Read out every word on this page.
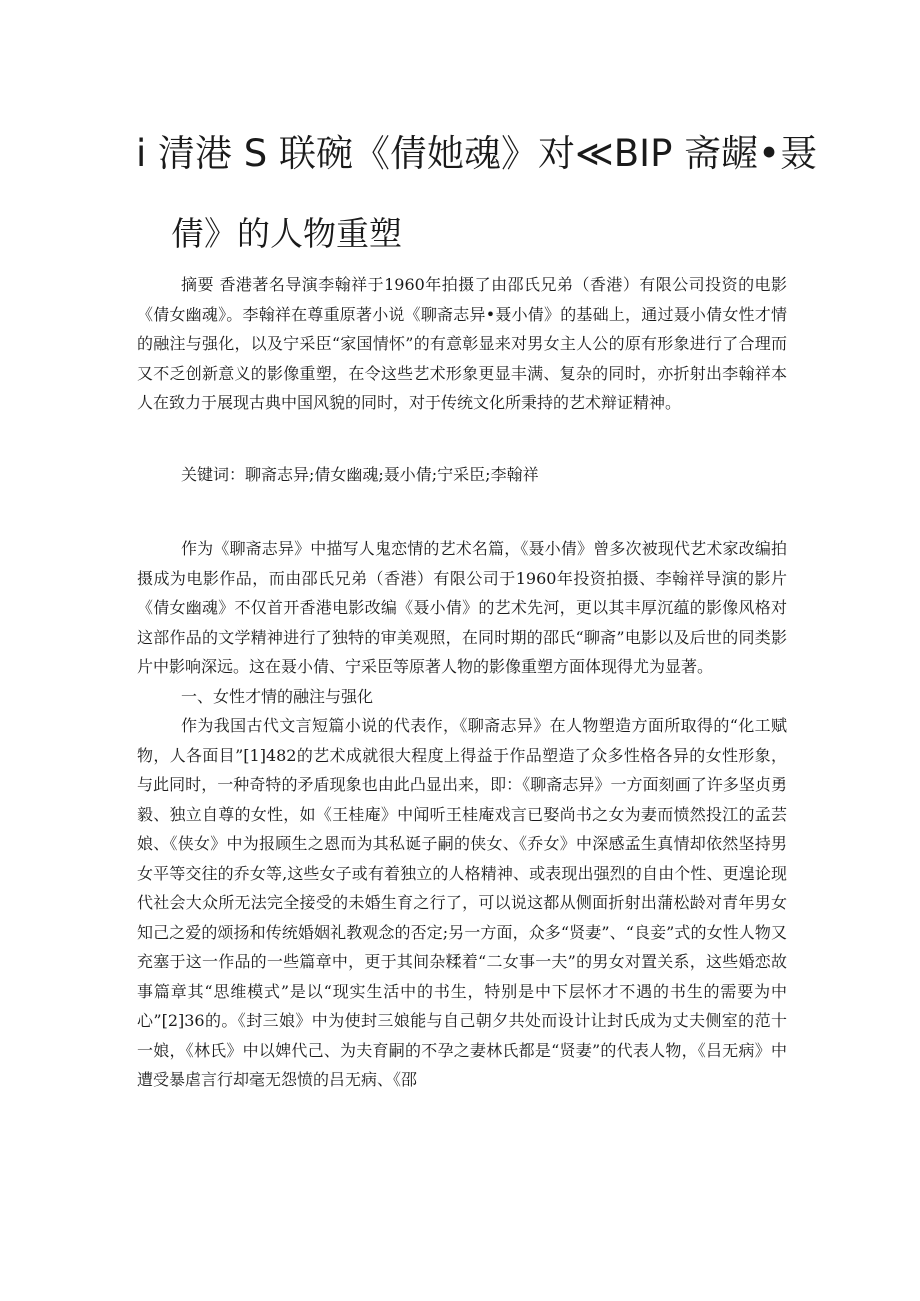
i 清港 S 联碗《倩她魂》对≪BIP 斋龌•聂
倩》的人物重塑

摘要 香港著名导演李翰祥于1960年拍摄了由邵氏兄弟（香港）有限公司投资的电影《倩女幽魂》。李翰祥在尊重原著小说《聊斋志异•聂小倩》的基础上，通过聂小倩女性才情的融注与强化，以及宁采臣“家国情怀”的有意彰显来对男女主人公的原有形象进行了合理而又不乏创新意义的影像重塑，在令这些艺术形象更显丰满、复杂的同时，亦折射出李翰祥本人在致力于展现古典中国风貌的同时，对于传统文化所秉持的艺术辩证精神。

关键词：聊斋志异;倩女幽魂;聂小倩;宁采臣;李翰祥

作为《聊斋志异》中描写人鬼恋情的艺术名篇，《聂小倩》曾多次被现代艺术家改编拍摄成为电影作品，而由邵氏兄弟（香港）有限公司于1960年投资拍摄、李翰祥导演的影片《倩女幽魂》不仅首开香港电影改编《聂小倩》的艺术先河，更以其丰厚沉蕴的影像风格对这部作品的文学精神进行了独特的审美观照，在同时期的邵氏“聊斋”电影以及后世的同类影片中影响深远。这在聂小倩、宁采臣等原著人物的影像重塑方面体现得尤为显著。

一、女性才情的融注与强化

作为我国古代文言短篇小说的代表作，《聊斋志异》在人物塑造方面所取得的“化工赋物，人各面目”[1]482的艺术成就很大程度上得益于作品塑造了众多性格各异的女性形象，与此同时，一种奇特的矛盾现象也由此凸显出来，即：《聊斋志异》一方面刻画了许多坚贞勇毅、独立自尊的女性，如《王桂庵》中闻听王桂庵戏言已娶尚书之女为妻而愤然投江的孟芸娘、《侠女》中为报顾生之恩而为其私诞子嗣的侠女、《乔女》中深感孟生真情却依然坚持男女平等交往的乔女等,这些女子或有着独立的人格精神、或表现出强烈的自由个性、更遑论现代社会大众所无法完全接受的未婚生育之行了，可以说这都从侧面折射出蒲松龄对青年男女知己之爱的颂扬和传统婚姻礼教观念的否定;另一方面，众多“贤妻”、“良妾”式的女性人物又充塞于这一作品的一些篇章中，更于其间杂糅着“二女事一夫”的男女对置关系，这些婚恋故事篇章其“思维模式”是以“现实生活中的书生，特别是中下层怀才不遇的书生的需要为中心”[2]36的。《封三娘》中为使封三娘能与自己朝夕共处而设计让封氏成为丈夫侧室的范十一娘，《林氏》中以婢代己、为夫育嗣的不孕之妻林氏都是“贤妻”的代表人物，《吕无病》中遭受暴虐言行却毫无怨愤的吕无病、《邵
